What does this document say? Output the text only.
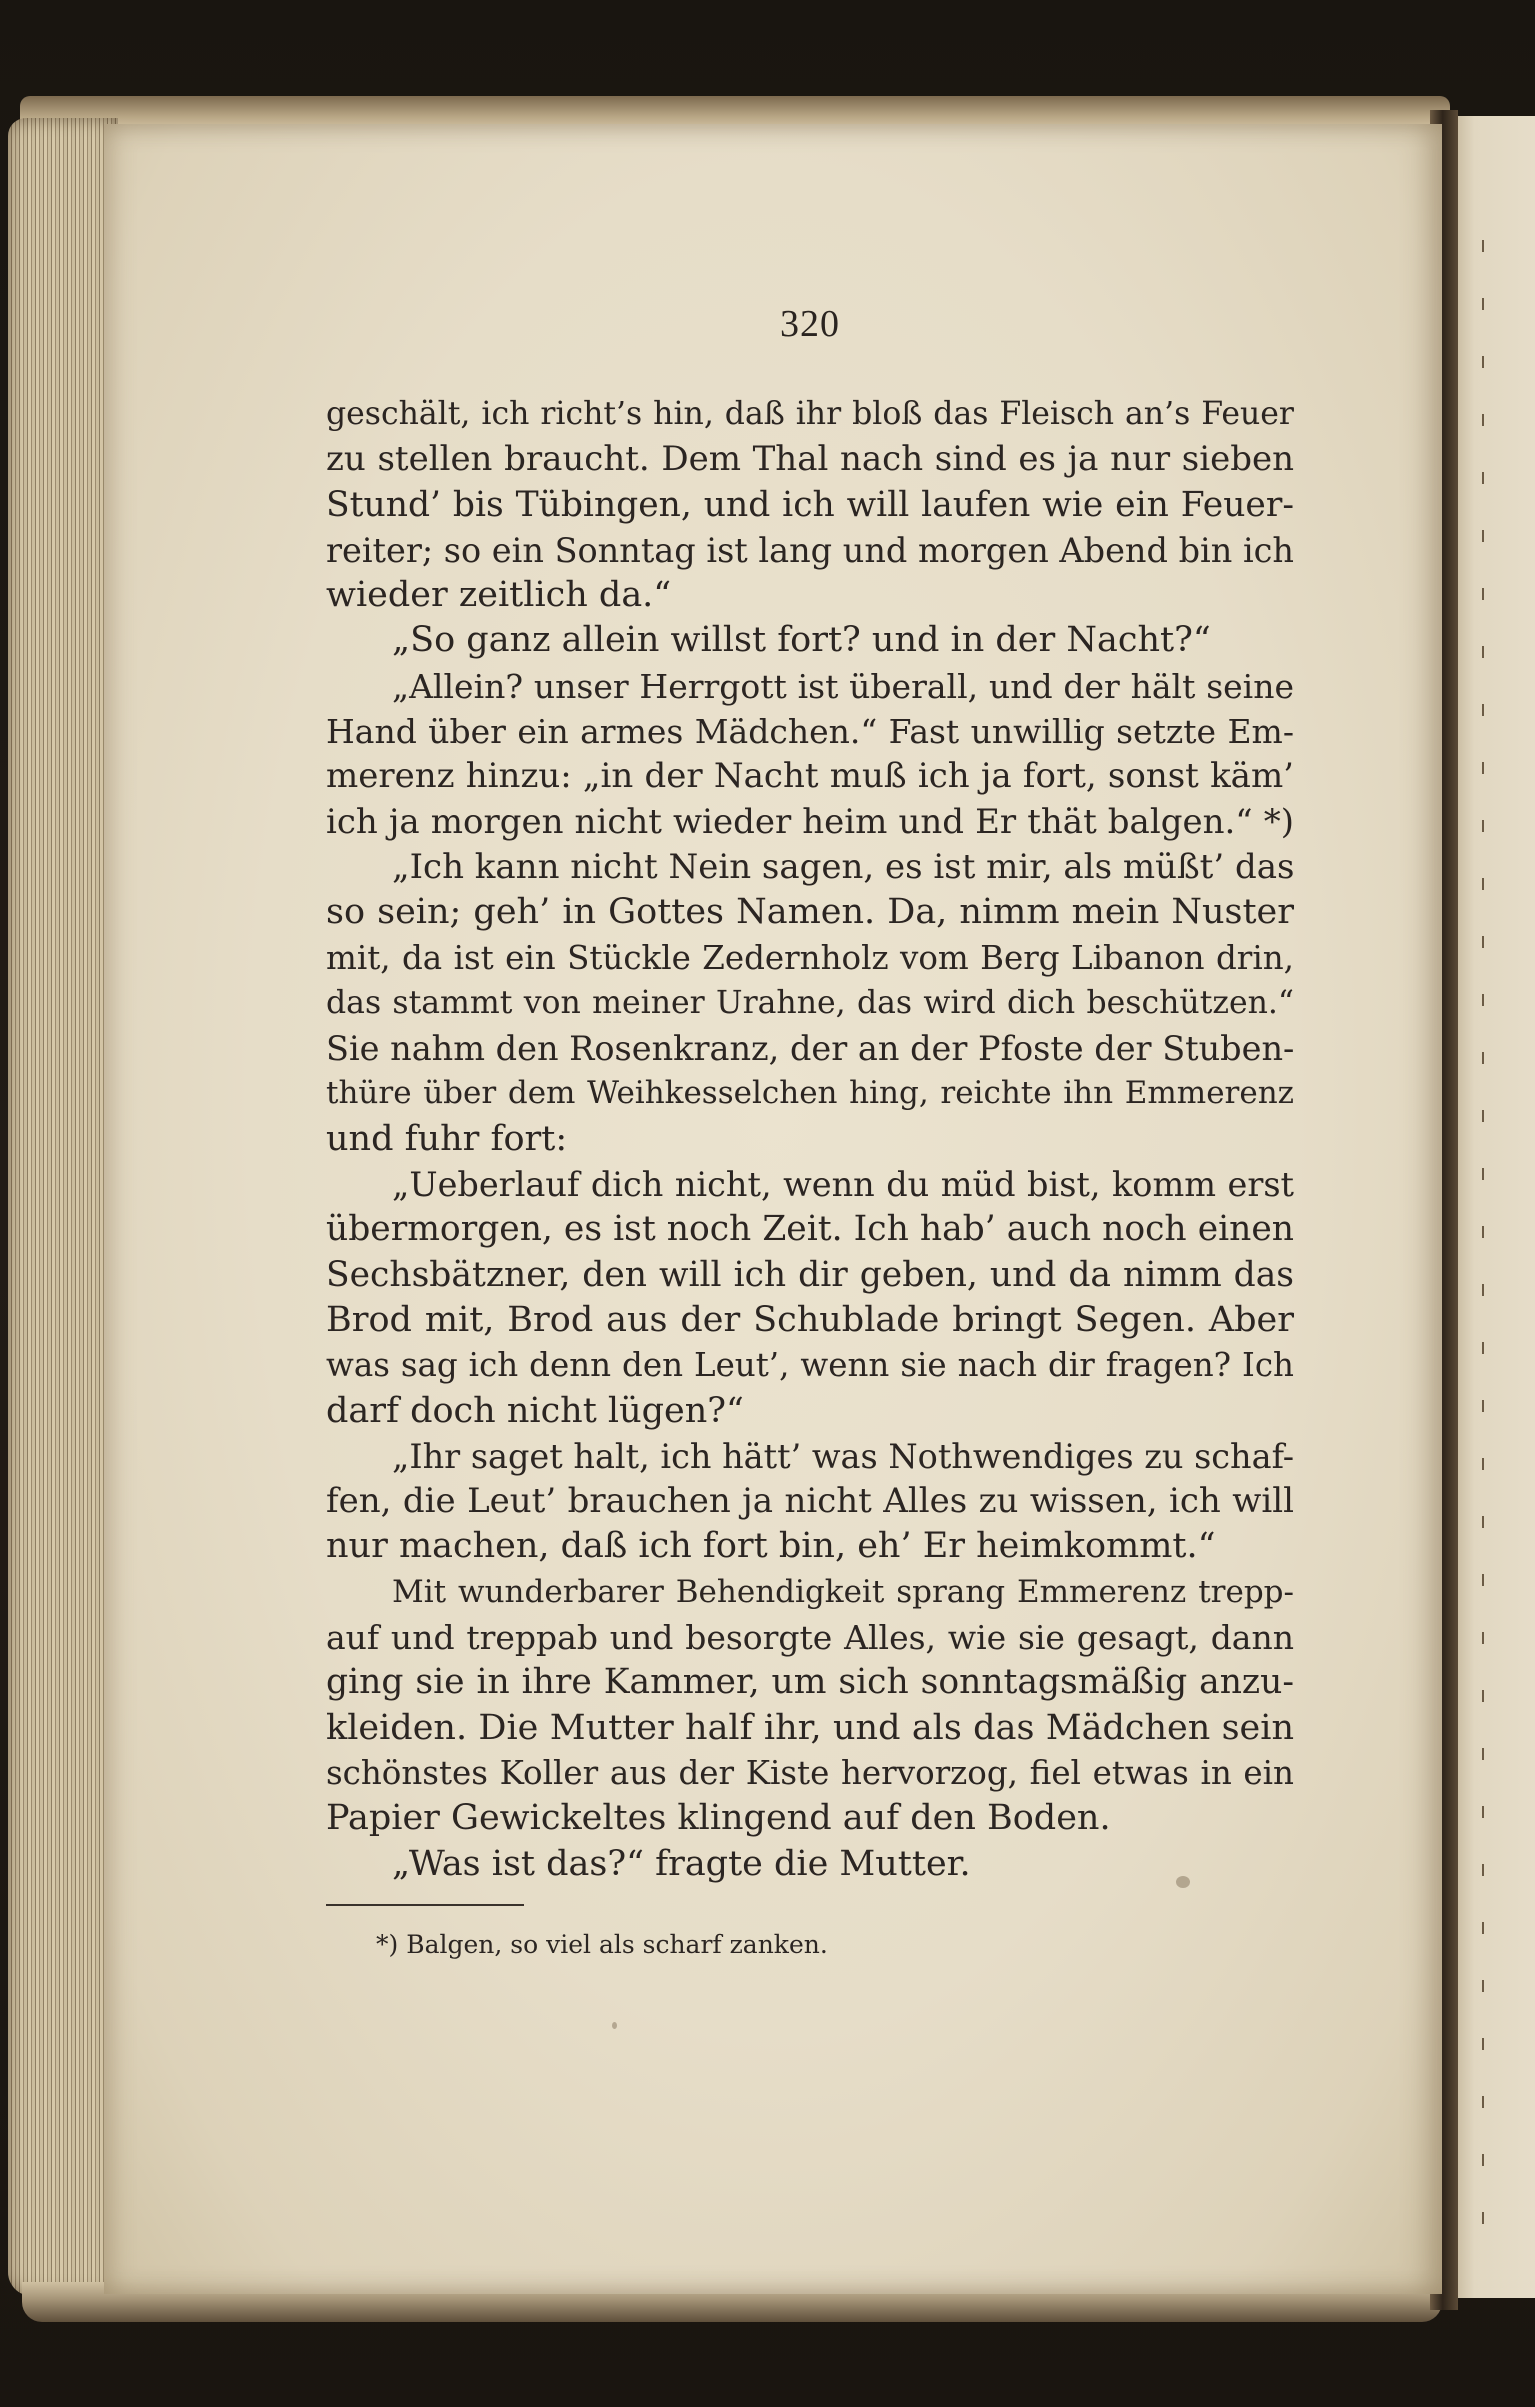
320
geschält, ich richt’s hin, daß ihr bloß das Fleisch an’s Feuer
zu stellen braucht. Dem Thal nach sind es ja nur sieben
Stund’ bis Tübingen, und ich will laufen wie ein Feuer-
reiter; so ein Sonntag ist lang und morgen Abend bin ich
wieder zeitlich da.“
„So ganz allein willst fort? und in der Nacht?“
„Allein? unser Herrgott ist überall, und der hält seine
Hand über ein armes Mädchen.“ Fast unwillig setzte Em-
merenz hinzu: „in der Nacht muß ich ja fort, sonst käm’
ich ja morgen nicht wieder heim und Er thät balgen.“ *)
„Ich kann nicht Nein sagen, es ist mir, als müßt’ das
so sein; geh’ in Gottes Namen. Da, nimm mein Nuster
mit, da ist ein Stückle Zedernholz vom Berg Libanon drin,
das stammt von meiner Urahne, das wird dich beschützen.“
Sie nahm den Rosenkranz, der an der Pfoste der Stuben-
thüre über dem Weihkesselchen hing, reichte ihn Emmerenz
und fuhr fort:
„Ueberlauf dich nicht, wenn du müd bist, komm erst
übermorgen, es ist noch Zeit. Ich hab’ auch noch einen
Sechsbätzner, den will ich dir geben, und da nimm das
Brod mit, Brod aus der Schublade bringt Segen. Aber
was sag ich denn den Leut’, wenn sie nach dir fragen? Ich
darf doch nicht lügen?“
„Ihr saget halt, ich hätt’ was Nothwendiges zu schaf-
fen, die Leut’ brauchen ja nicht Alles zu wissen, ich will
nur machen, daß ich fort bin, eh’ Er heimkommt.“
Mit wunderbarer Behendigkeit sprang Emmerenz trepp-
auf und treppab und besorgte Alles, wie sie gesagt, dann
ging sie in ihre Kammer, um sich sonntagsmäßig anzu-
kleiden. Die Mutter half ihr, und als das Mädchen sein
schönstes Koller aus der Kiste hervorzog, fiel etwas in ein
Papier Gewickeltes klingend auf den Boden.
„Was ist das?“ fragte die Mutter.
*) Balgen, so viel als scharf zanken.
